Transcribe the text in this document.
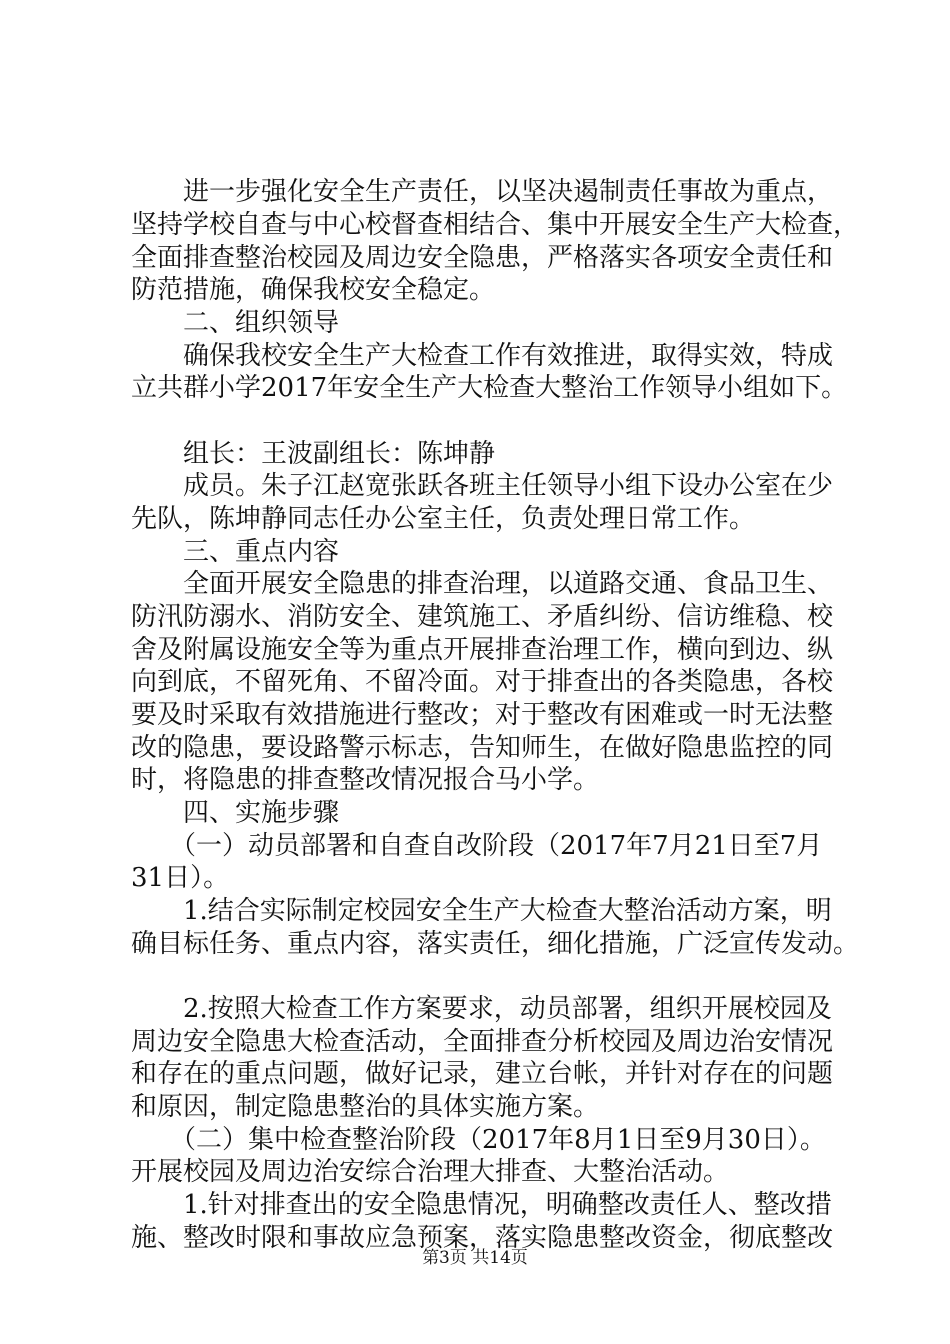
　　进一步强化安全生产责任，以坚决遏制责任事故为重点，
坚持学校自查与中心校督查相结合、集中开展安全生产大检查，
全面排查整治校园及周边安全隐患，严格落实各项安全责任和
防范措施，确保我校安全稳定。
　　二、组织领导
　　确保我校安全生产大检查工作有效推进，取得实效，特成
立共群小学2017年安全生产大检查大整治工作领导小组如下。
　　组长：王波副组长：陈坤静
　　成员。朱子江赵宽张跃各班主任领导小组下设办公室在少
先队，陈坤静同志任办公室主任，负责处理日常工作。
　　三、重点内容
　　全面开展安全隐患的排查治理，以道路交通、食品卫生、
防汛防溺水、消防安全、建筑施工、矛盾纠纷、信访维稳、校
舍及附属设施安全等为重点开展排查治理工作，横向到边、纵
向到底，不留死角、不留冷面。对于排查出的各类隐患，各校
要及时采取有效措施进行整改；对于整改有困难或一时无法整
改的隐患，要设路警示标志，告知师生，在做好隐患监控的同
时，将隐患的排查整改情况报合马小学。
　　四、实施步骤
　　（一）动员部署和自查自改阶段（2017年7月21日至7月
31日）。
　　1.结合实际制定校园安全生产大检查大整治活动方案，明
确目标任务、重点内容，落实责任，细化措施，广泛宣传发动。
　　2.按照大检查工作方案要求，动员部署，组织开展校园及
周边安全隐患大检查活动，全面排查分析校园及周边治安情况
和存在的重点问题，做好记录，建立台帐，并针对存在的问题
和原因，制定隐患整治的具体实施方案。
　　（二）集中检查整治阶段（2017年8月1日至9月30日）。
开展校园及周边治安综合治理大排查、大整治活动。
　　1.针对排查出的安全隐患情况，明确整改责任人、整改措
施、整改时限和事故应急预案，落实隐患整改资金，彻底整改
第3页 共14页
